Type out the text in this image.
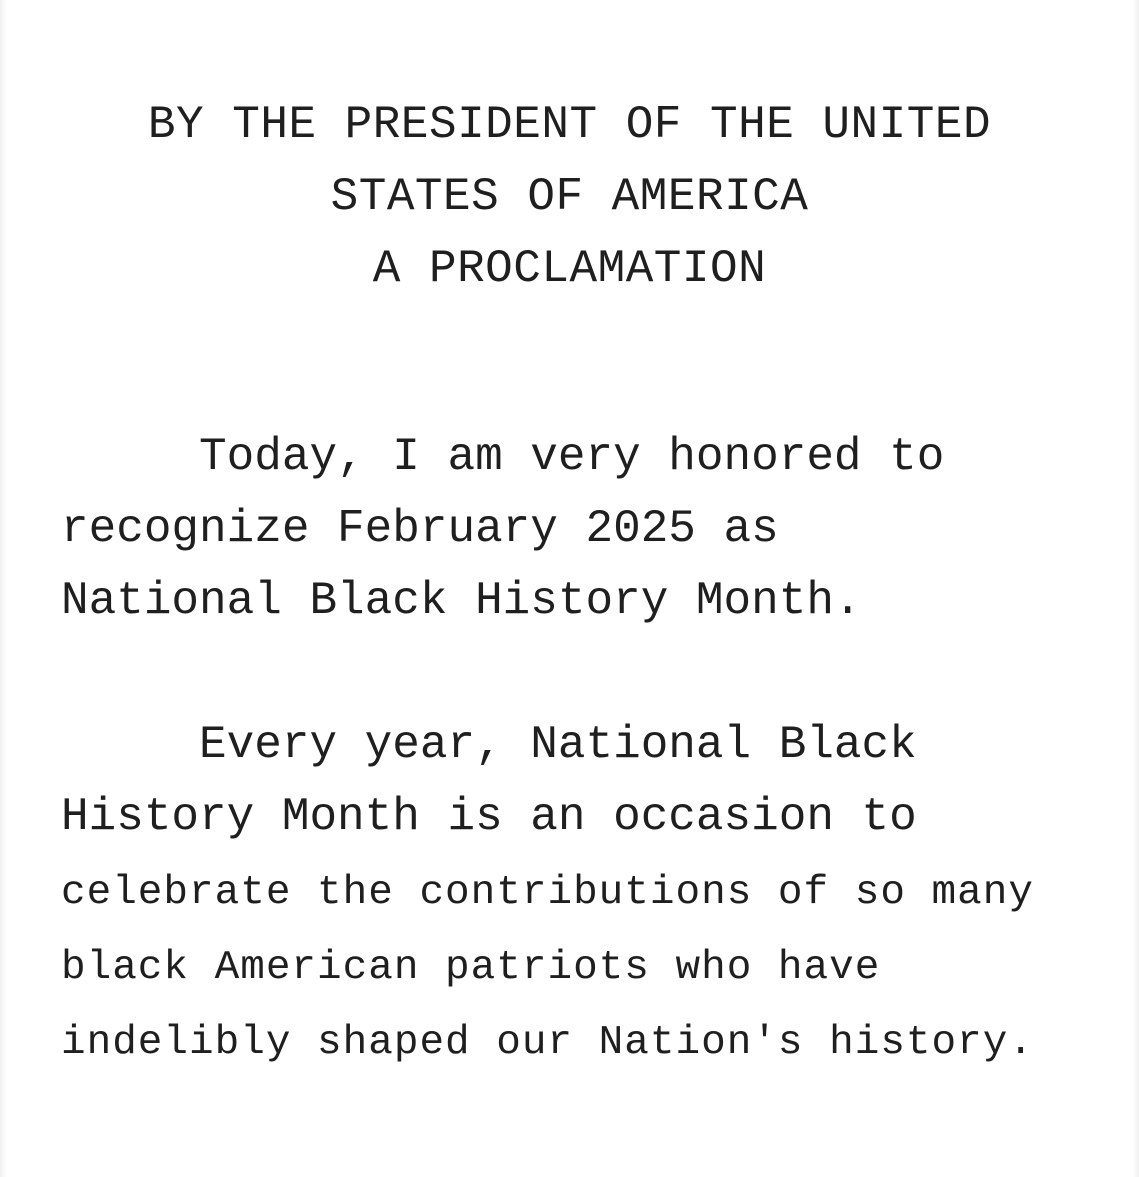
BY THE PRESIDENT OF THE UNITED
STATES OF AMERICA
A PROCLAMATION
Today, I am very honored to
recognize February 2025 as
National Black History Month.
Every year, National Black
History Month is an occasion to
celebrate the contributions of so many
black American patriots who have
indelibly shaped our Nation's history.
